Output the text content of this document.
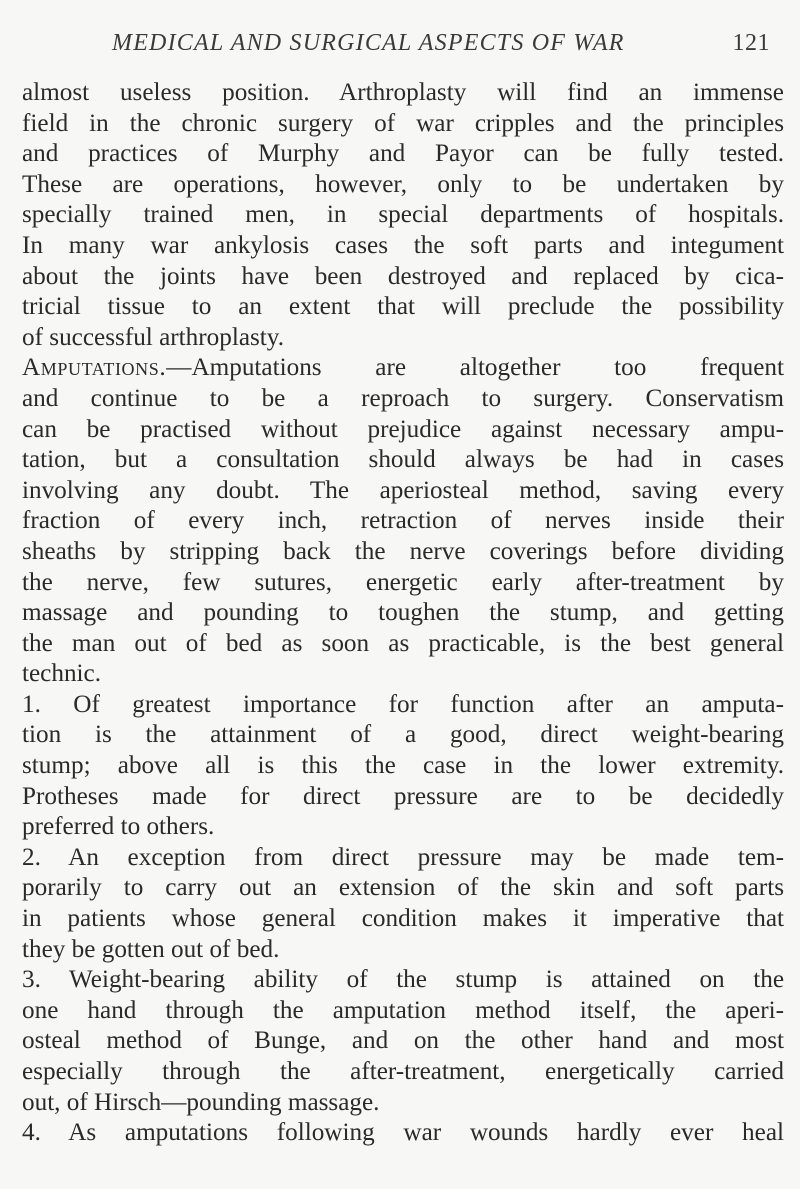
MEDICAL AND SURGICAL ASPECTS OF WAR	121
almost useless position. Arthroplasty will find an immense
field in the chronic surgery of war cripples and the principles
and practices of Murphy and Payor can be fully tested.
These are operations, however, only to be undertaken by
specially trained men, in special departments of hospitals.
In many war ankylosis cases the soft parts and integument
about the joints have been destroyed and replaced by cica-
tricial tissue to an extent that will preclude the possibility
of successful arthroplasty.
Amputations.—Amputations are altogether too frequent
and continue to be a reproach to surgery. Conservatism
can be practised without prejudice against necessary ampu-
tation, but a consultation should always be had in cases
involving any doubt. The aperiosteal method, saving every
fraction of every inch, retraction of nerves inside their
sheaths by stripping back the nerve coverings before dividing
the nerve, few sutures, energetic early after-treatment by
massage and pounding to toughen the stump, and getting
the man out of bed as soon as practicable, is the best general
technic.
1. Of greatest importance for function after an amputa-
tion is the attainment of a good, direct weight-bearing
stump; above all is this the case in the lower extremity.
Protheses made for direct pressure are to be decidedly
preferred to others.
2. An exception from direct pressure may be made tem-
porarily to carry out an extension of the skin and soft parts
in patients whose general condition makes it imperative that
they be gotten out of bed.
3. Weight-bearing ability of the stump is attained on the
one hand through the amputation method itself, the aperi-
osteal method of Bunge, and on the other hand and most
especially through the after-treatment, energetically carried
out, of Hirsch—pounding massage.
4. As amputations following war wounds hardly ever heal
